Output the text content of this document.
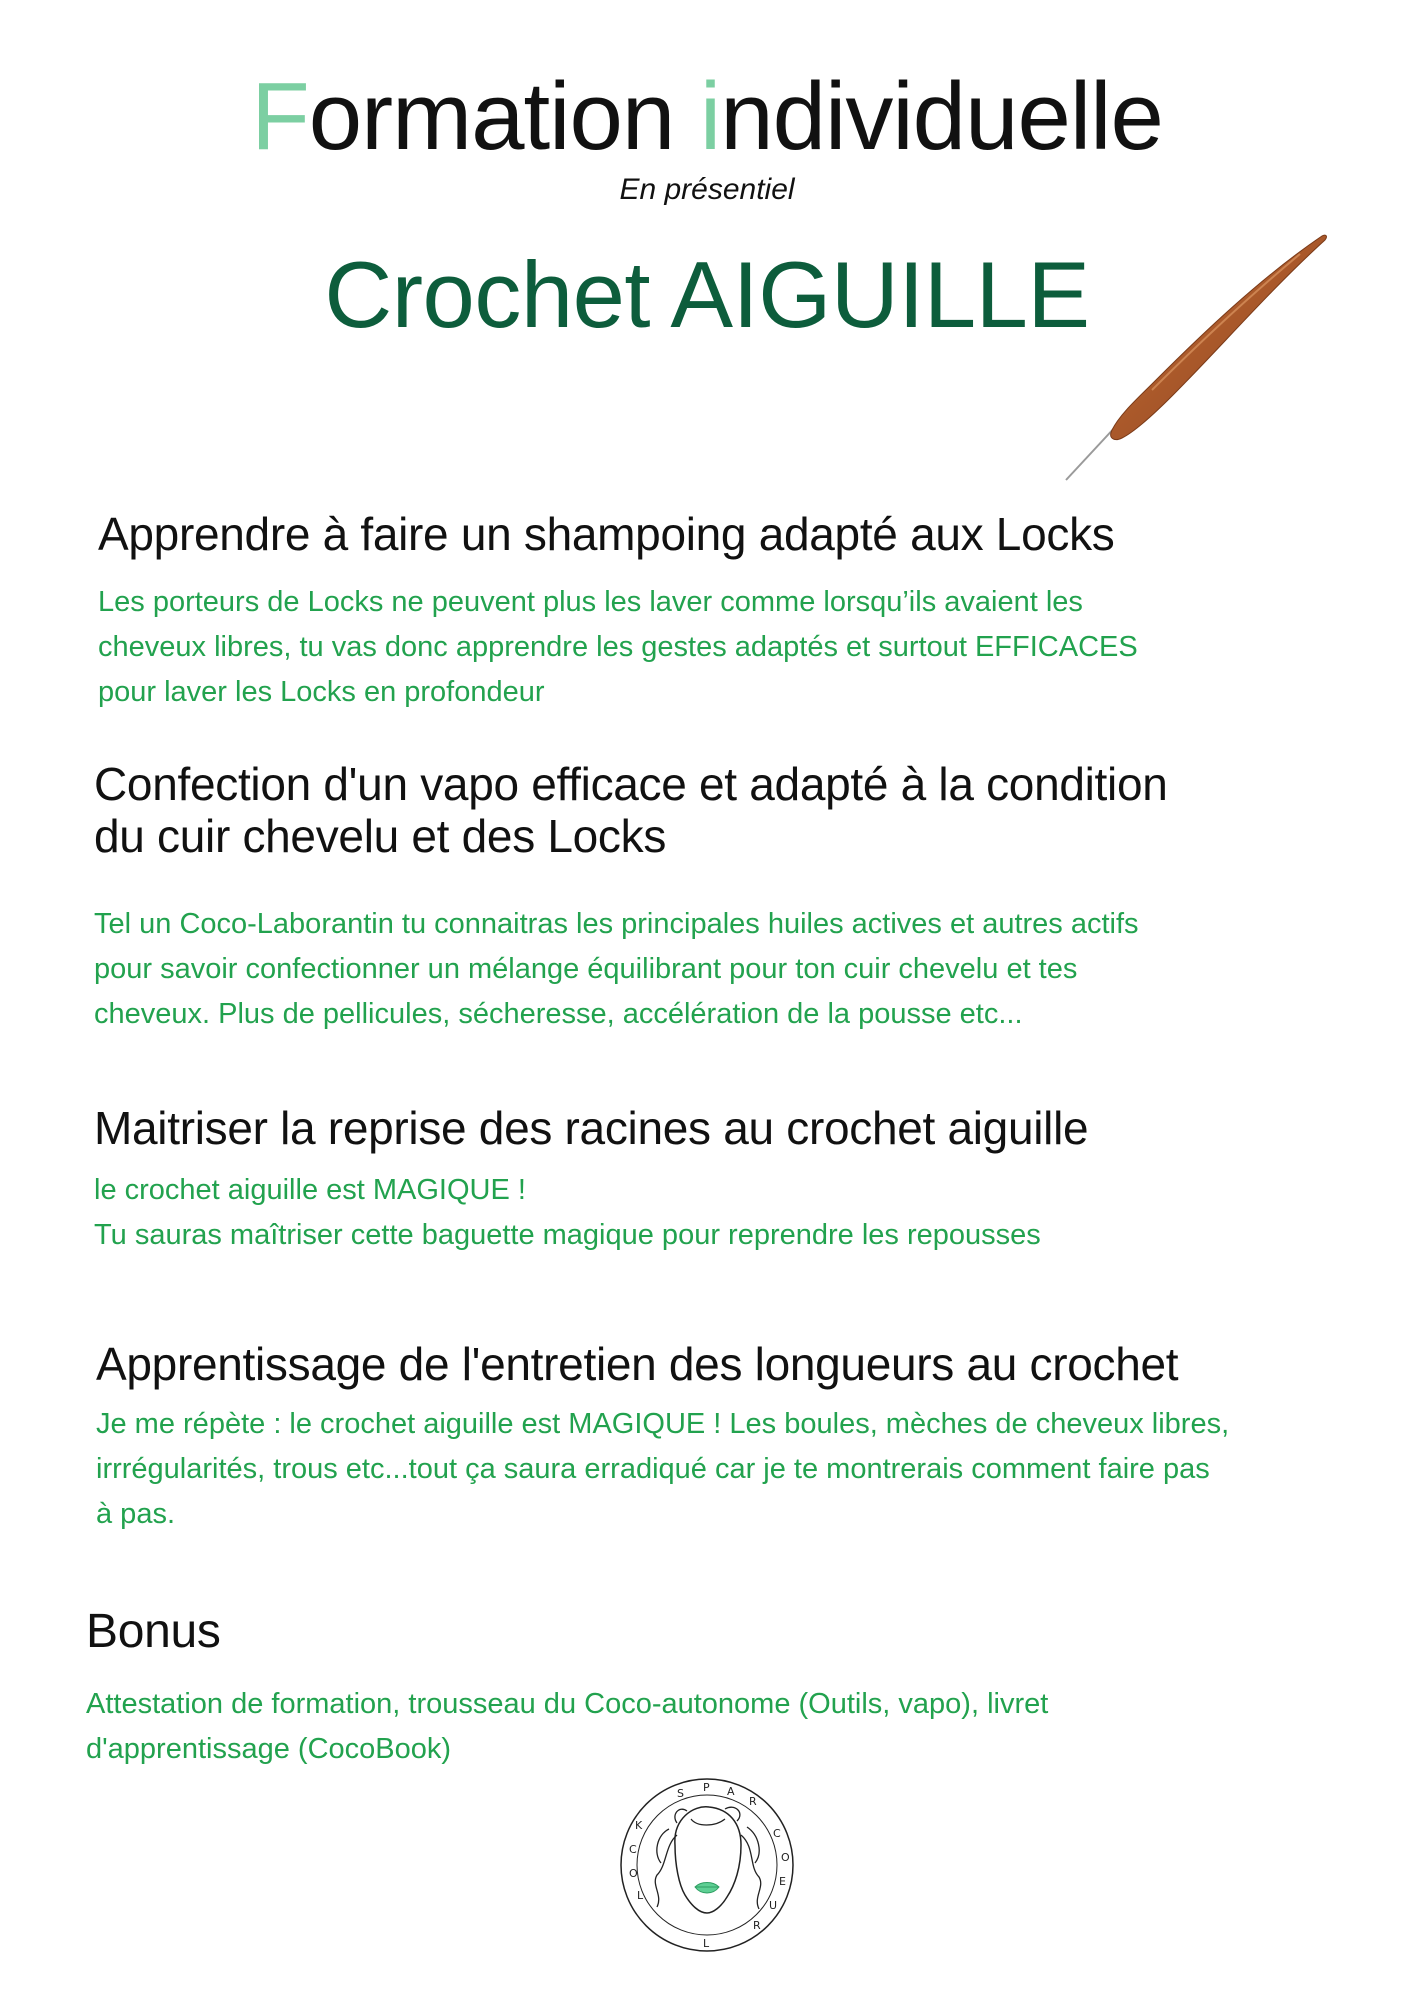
Formation individuelle
En présentiel
Crochet AIGUILLE
Apprendre à faire un shampoing adapté aux Locks
Les porteurs de Locks ne peuvent plus les laver comme lorsqu’ils avaient les
cheveux libres, tu vas donc apprendre les gestes adaptés et surtout EFFICACES
pour laver les Locks en profondeur
Confection d'un vapo efficace et adapté à la condition
du cuir chevelu et des Locks
Tel un Coco-Laborantin tu connaitras les principales huiles actives et autres actifs
pour savoir confectionner un mélange équilibrant pour ton cuir chevelu et tes
cheveux. Plus de pellicules, sécheresse, accélération de la pousse etc...
Maitriser la reprise des racines au crochet aiguille
le crochet aiguille est MAGIQUE !
Tu sauras maîtriser cette baguette magique pour reprendre les repousses
Apprentissage de l'entretien des longueurs au crochet
Je me répète : le crochet aiguille est MAGIQUE ! Les boules, mèches de cheveux libres,
irrrégularités, trous etc...tout ça saura erradiqué car je te montrerais comment faire pas
à pas.
Bonus
Attestation de formation, trousseau du Coco-autonome (Outils, vapo), livret
d'apprentissage (CocoBook)
P A
R
C
O
E
U
R
L
L
O
C
K
S
